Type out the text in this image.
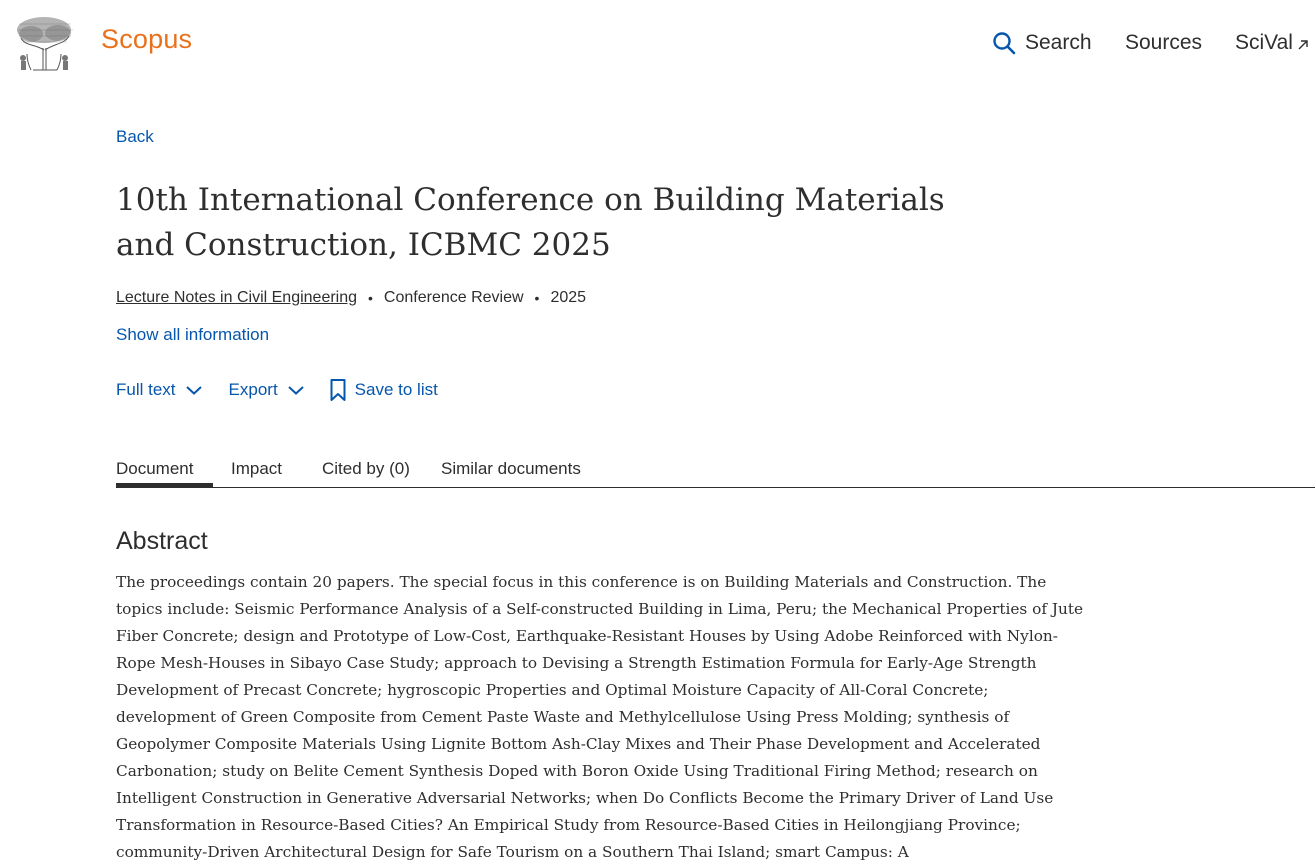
Scopus	Search Sources SciVal
Back
10th International Conference on Building Materials and Construction, ICBMC 2025
Lecture Notes in Civil Engineering • Conference Review • 2025
Show all information
Full text	Export	Save to list
Document Impact Cited by (0) Similar documents
Abstract

The proceedings contain 20 papers. The special focus in this conference is on Building Materials and Construction. The topics include: Seismic Performance Analysis of a Self-constructed Building in Lima, Peru; the Mechanical Properties of Jute Fiber Concrete; design and Prototype of Low-Cost, Earthquake-Resistant Houses by Using Adobe Reinforced with Nylon-Rope Mesh-Houses in Sibayo Case Study; approach to Devising a Strength Estimation Formula for Early-Age Strength Development of Precast Concrete; hygroscopic Properties and Optimal Moisture Capacity of All-Coral Concrete; development of Green Composite from Cement Paste Waste and Methylcellulose Using Press Molding; synthesis of Geopolymer Composite Materials Using Lignite Bottom Ash-Clay Mixes and Their Phase Development and Accelerated Carbonation; study on Belite Cement Synthesis Doped with Boron Oxide Using Traditional Firing Method; research on Intelligent Construction in Generative Adversarial Networks; when Do Conflicts Become the Primary Driver of Land Use Transformation in Resource-Based Cities? An Empirical Study from Resource-Based Cities in Heilongjiang Province; community-Driven Architectural Design for Safe Tourism on a Southern Thai Island; smart Campus: A
